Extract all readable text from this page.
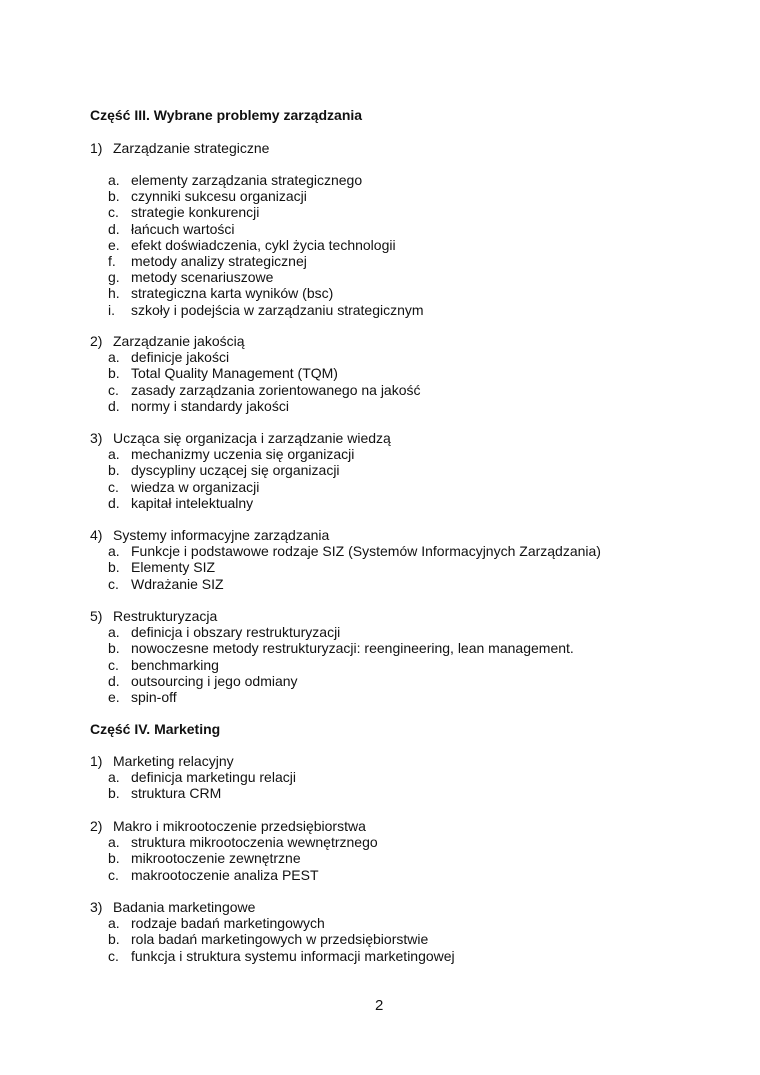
Część III. Wybrane problemy zarządzania
1) Zarządzanie strategiczne
a. elementy zarządzania strategicznego
b. czynniki sukcesu organizacji
c. strategie konkurencji
d. łańcuch wartości
e. efekt doświadczenia, cykl życia technologii
f.	metody analizy strategicznej
g. metody scenariuszowe
h. strategiczna karta wyników (bsc)
i.	szkoły i podejścia w zarządzaniu strategicznym
2) Zarządzanie jakością
a. definicje jakości
b. Total Quality Management (TQM)
c. zasady zarządzania zorientowanego na jakość
d. normy i standardy jakości
3) Ucząca się organizacja i zarządzanie wiedzą
a. mechanizmy uczenia się organizacji
b. dyscypliny uczącej się organizacji
c. wiedza w organizacji
d. kapitał intelektualny
4) Systemy informacyjne zarządzania
a. Funkcje i podstawowe rodzaje SIZ (Systemów Informacyjnych Zarządzania)
b. Elementy SIZ
c. Wdrażanie SIZ
5) Restrukturyzacja
a. definicja i obszary restrukturyzacji
b. nowoczesne metody restrukturyzacji: reengineering, lean management.
c. benchmarking
d. outsourcing i jego odmiany
e. spin-off
Część IV. Marketing
1) Marketing relacyjny
a. definicja marketingu relacji
b. struktura CRM
2) Makro i mikrootoczenie przedsiębiorstwa
a. struktura mikrootoczenia wewnętrznego
b. mikrootoczenie zewnętrzne
c. makrootoczenie analiza PEST
3) Badania marketingowe
a. rodzaje badań marketingowych
b. rola badań marketingowych w przedsiębiorstwie
c. funkcja i struktura systemu informacji marketingowej
2
